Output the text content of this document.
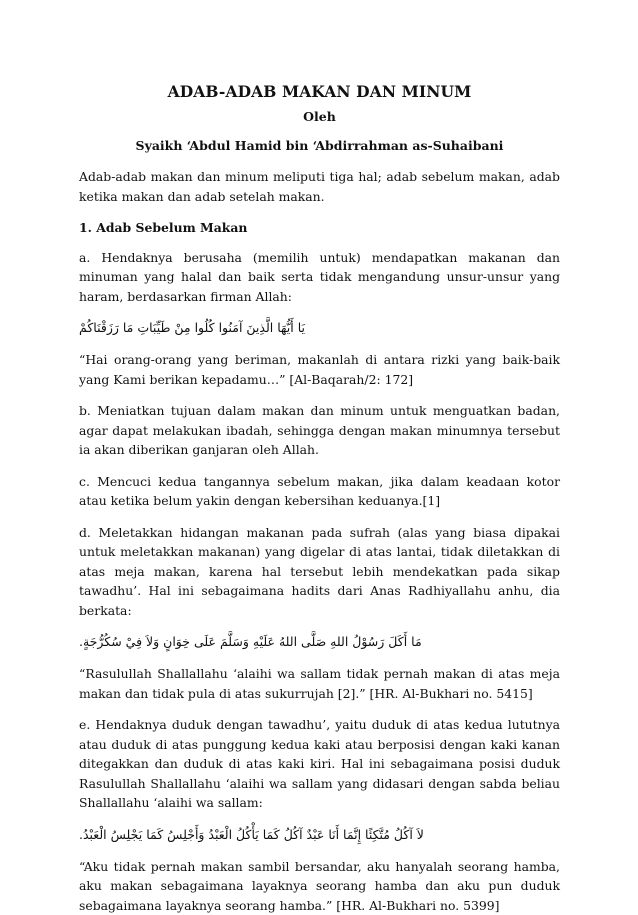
ADAB-ADAB MAKAN DAN MINUM
Oleh
Syaikh ‘Abdul Hamid bin ‘Abdirrahman as-Suhaibani

Adab-adab makan dan minum meliputi tiga hal; adab sebelum makan, adab ketika makan dan adab setelah makan.

1. Adab Sebelum Makan

a. Hendaknya berusaha (memilih untuk) mendapatkan makanan dan minuman yang halal dan baik serta tidak mengandung unsur-unsur yang haram, berdasarkan firman Allah:

يَا أَيُّهَا الَّذِينَ آمَنُوا كُلُوا مِنْ طَيِّبَاتِ مَا رَزَقْنَاكُمْ

“Hai orang-orang yang beriman, makanlah di antara rizki yang baik-baik yang Kami berikan kepadamu…” [Al-Baqarah/2: 172]

b. Meniatkan tujuan dalam makan dan minum untuk menguatkan badan, agar dapat melakukan ibadah, sehingga dengan makan minumnya tersebut ia akan diberikan ganjaran oleh Allah.

c. Mencuci kedua tangannya sebelum makan, jika dalam keadaan kotor atau ketika belum yakin dengan kebersihan keduanya.[1]

d. Meletakkan hidangan makanan pada sufrah (alas yang biasa dipakai untuk meletakkan makanan) yang digelar di atas lantai, tidak diletakkan di atas meja makan, karena hal tersebut lebih mendekatkan pada sikap tawadhu’. Hal ini sebagaimana hadits dari Anas Radhiyallahu anhu, dia berkata:

مَا أَكَلَ رَسُوْلُ اللهِ صَلَّى اللهُ عَلَيْهِ وَسَلَّمَ عَلَى خِوَانٍ وَلاَ فِيْ سُكُرُّجَةٍ.

“Rasulullah Shallallahu ‘alaihi wa sallam tidak pernah makan di atas meja makan dan tidak pula di atas sukurrujah [2].” [HR. Al-Bukhari no. 5415]

e. Hendaknya duduk dengan tawadhu’, yaitu duduk di atas kedua lututnya atau duduk di atas punggung kedua kaki atau berposisi dengan kaki kanan ditegakkan dan duduk di atas kaki kiri. Hal ini sebagaimana posisi duduk Rasulullah Shallallahu ‘alaihi wa sallam yang didasari dengan sabda beliau Shallallahu ‘alaihi wa sallam:

لاَ آكُلُ مُتَّكِئًا إِنَّمَا أَنَا عَبْدٌ آكُلُ كَمَا يَأْكُلُ الْعَبْدُ وَأَجْلِسُ كَمَا يَجْلِسُ الْعَبْدُ.

“Aku tidak pernah makan sambil bersandar, aku hanyalah seorang hamba, aku makan sebagaimana layaknya seorang hamba dan aku pun duduk sebagaimana layaknya seorang hamba.” [HR. Al-Bukhari no. 5399]
